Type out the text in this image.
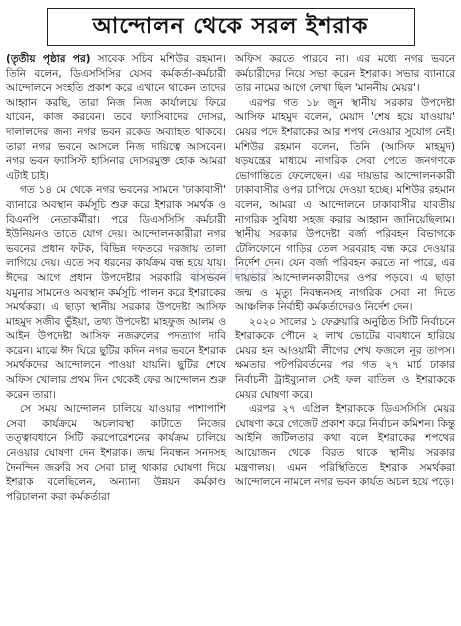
আন্দোলন থেকে সরল ইশরাক

(তৃতীয় পৃষ্ঠার পর) সাবেক সচিব মশিউর রহমান। তিনি বলেন, ডিএসসিসির যেসব কর্মকর্তা-কর্মচারী আন্দোলনে সংহতি প্রকাশ করে এখানে থাকেন তাদের আহ্বান করছি, তারা নিজ নিজ কার্যালয়ে ফিরে যাবেন, কাজ করবেন। তবে ফ্যাসিবাদের দোসর, দালালদের জন্য নগর ভবন রকেড অব্যাহত থাকবে। তারা নগর ভবনে আসলে নিজ দায়িত্বে আসবেন। নগর ভবন ফ্যাসিস্ট হাসিনার দোসরমুক্ত হোক আমরা এটাই চাই।

গত ১৪ মে থেকে নগর ভবনের সামনে 'ঢাকাবাসী' ব্যানারে অবস্থান কর্মসূচি শুরু করে ইশরাক সমর্থক ও বিএনপি নেতাকর্মীরা। পরে ডিএসসিসি কর্মচারী ইউনিয়নও তাতে যোগ দেয়। আন্দোলনকারীরা নগর ভবনের প্রধান ফটক, বিভিন্ন দফতরে দরজায় তালা লাগিয়ে দেয়। এতে সব ধরনের কার্যক্রম বন্ধ হয়ে যায়। ঈদের আগে প্রধান উপদেষ্টার সরকারি বাসভবন যমুনার সামনেও অবস্থান কর্মসূচি পালন করে ইশরাকের সমর্থকরা। এ ছাড়া স্থানীয় সরকার উপদেষ্টা আসিফ মাহমুদ সজীব ভুঁইয়া, তথ্য উপদেষ্টা মাহফুজ আলম ও আইন উপদেষ্টা আসিফ নজরুলের পদত্যাগ দাবি করেন। মাঝে ঈদ ঘিরে ছুটির কদিন নগর ভবনে ইশরাক সমর্থকদের আন্দোলনে পাওয়া যায়নি। ছুটির শেষে অফিস খোলার প্রথম দিন থেকেই ফের আন্দোলন শুরু করেন তারা।

সে সময় আন্দোলন চালিয়ে যাওয়ার পাশাপাশি সেবা কার্যক্রমে অচলাবস্থা কাটাতে নিজের তত্ত্বাবধানে সিটি করপোরেশনের কার্যক্রম চালিয়ে নেওয়ার ঘোষণা দেন ইশরাক। জন্ম নিবন্ধন সনদসহ দৈনন্দিন জরুরি সব সেবা চালু থাকার ঘোষণা দিয়ে ইশরাক বলেছিলেন, অন্যান্য উন্নয়ন কর্মকাণ্ড পরিচালনা করা কর্মকর্তারা

অফিস করতে পারবে না। এর মধ্যে নগর ভবনে কর্মচারীদের নিয়ে সভা করেন ইশরাক। সভার ব্যানারে তার নামের আগে লেখা ছিল 'মাননীয় মেয়র'।

এরপর গত ১৮ জুন স্থানীয় সরকার উপদেষ্টা আসিফ মাহমুদ বলেন, মেয়াদ 'শেষ হয়ে যাওয়ায়' মেয়র পদে ইশরাকের আর শপথ নেওয়ার সুযোগ নেই। মশিউর রহমান বলেন, তিনি (আসিফ মাহমুদ) ষড়যন্ত্রের মাধ্যমে নাগরিক সেবা পেতে জনগণকে ভোগান্তিতে ফেলেছেন। এর দায়ভার আন্দোলনকারী ঢাকাবাসীর ওপর চাপিয়ে দেওয়া হচ্ছে। মশিউর রহমান বলেন, আমরা এ আন্দোলনে ঢাকাবাসীর যাবতীয় নাগরিক সুবিধা সহজ করার আহ্বান জানিয়েছিলাম। স্থানীয় সরকার উপদেষ্টা বর্জ্য পরিবহন বিভাগকে টেলিফোনে গাড়ির তেল সরবরাহ বন্ধ করে দেওয়ার নির্দেশ দেন। যেন বর্জ্য পরিবহন করতে না পারে, এর দায়ভার আন্দোলনকারীদের ওপর পড়বে। এ ছাড়া জন্ম ও মৃত্যু নিবন্ধনসহ নাগরিক সেবা না দিতে আঞ্চলিক নির্বাহী কর্মকর্তাদেরও নির্দেশ দেন।

২০২০ সালের ১ ফেব্রুয়ারি অনুষ্ঠিত সিটি নির্বাচনে ইশরাককে পৌনে ২ লাখ ভোটের ব্যবধানে হারিয়ে মেয়র হন আওয়ামী লীগের শেখ ফজলে নূর তাপস। ক্ষমতার পটপরিবর্তনের পর গত ২৭ মার্চ ঢাকার নির্বাচনী ট্রাইব্যুনাল সেই ফল বাতিল ও ইশরাককে মেয়র ঘোষণা করে।

এরপর ২৭ এপ্রিল ইশরাককে ডিএসসিসি মেয়র ঘোষণা করে গেজেট প্রকাশ করে নির্বাচন কমিশন। কিন্তু আইনি জটিলতার কথা বলে ইশরাকের শপথের আয়োজন থেকে বিরত থাকে স্থানীয় সরকার মন্ত্রণালয়। এমন পরিস্থিতিতে ইশরাক সমর্থকরা আন্দোলনে নামলে নগর ভবন কার্যত অচল হয়ে পড়ে।

বাংলাদেশ
